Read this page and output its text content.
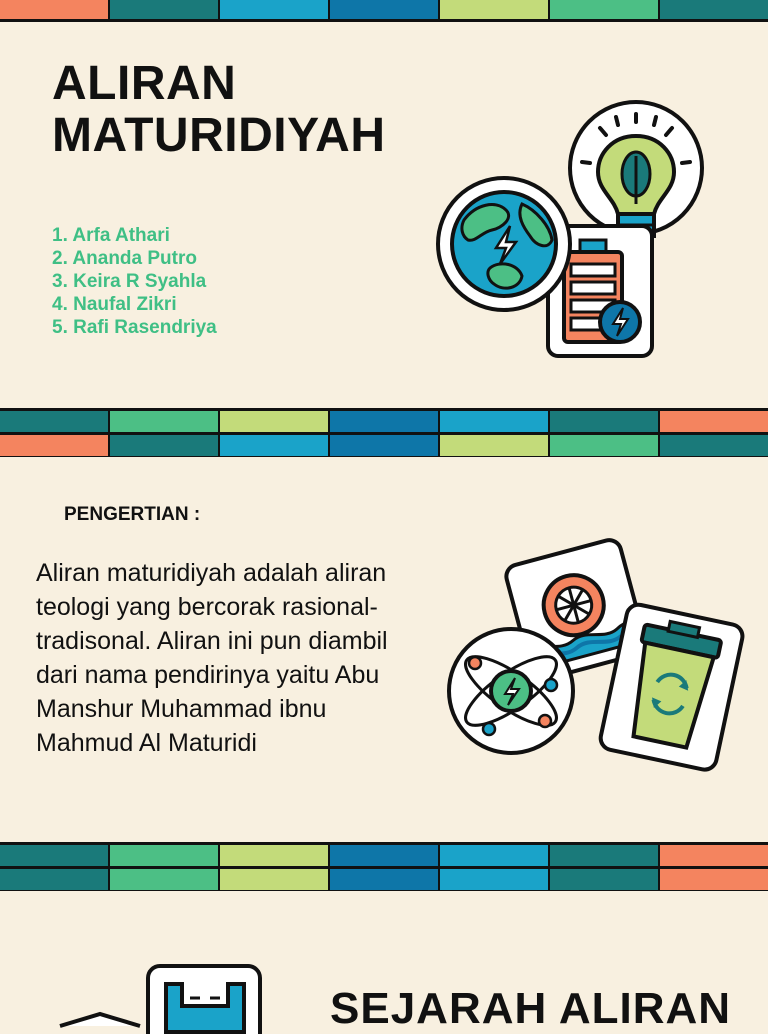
ALIRAN
MATURIDIYAH
1. Arfa Athari
2. Ananda Putro
3. Keira R Syahla
4. Naufal Zikri
5. Rafi Rasendriya
PENGERTIAN :
Aliran maturidiyah adalah aliran
teologi yang bercorak rasional-
tradisonal. Aliran ini pun diambil
dari nama pendirinya yaitu Abu
Manshur Muhammad ibnu
Mahmud Al Maturidi
SEJARAH ALIRAN
